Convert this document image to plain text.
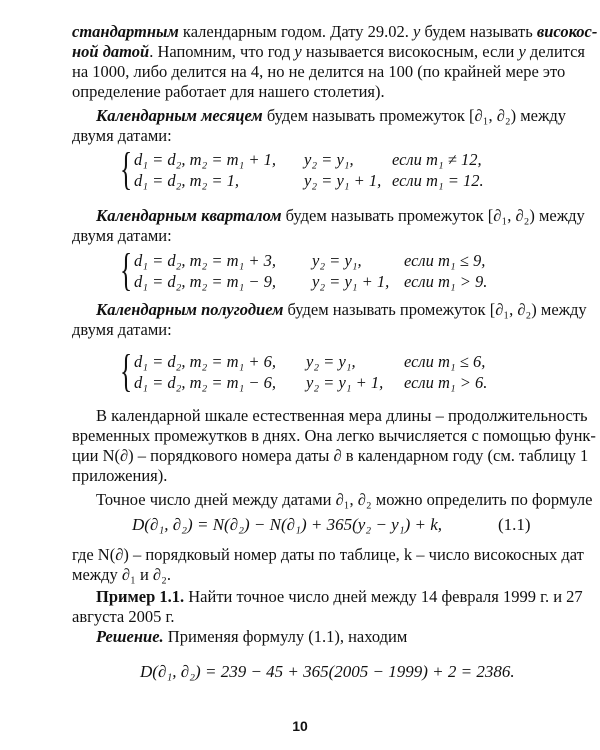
стандартным календарным годом. Дату 29.02. y будем называть високос-
ной датой. Напомним, что год y называется високосным, если y делится
на 1000, либо делится на 4, но не делится на 100 (по крайней мере это
определение работает для нашего столетия).
Календарным месяцем будем называть промежуток [∂₁, ∂₂) между
двумя датами:
{ d₁ = d₂, m₂ = m₁ + 1, y₂ = y₁, если m₁ ≠ 12,
d₁ = d₂, m₂ = 1,	y₂ = y₁ + 1, если m₁ = 12.
Календарным кварталом будем называть промежуток [∂₁, ∂₂) между
двумя датами:
{ d₁ = d₂, m₂ = m₁ + 3, y₂ = y₁,	если m₁ ≤ 9,
d₁ = d₂, m₂ = m₁ − 9, y₂ = y₁ + 1, если m₁ > 9.
Календарным полугодием будем называть промежуток [∂₁, ∂₂) между
двумя датами:
{ d₁ = d₂, m₂ = m₁ + 6, y₂ = y₁,	если m₁ ≤ 6,
d₁ = d₂, m₂ = m₁ − 6, y₂ = y₁ + 1, если m₁ > 6.
В календарной шкале естественная мера длины – продолжительность
временных промежутков в днях. Она легко вычисляется с помощью функ-
ции N(∂) – порядкового номера даты ∂ в календарном году (см. таблицу 1
приложения).
Точное число дней между датами ∂₁, ∂₂ можно определить по формуле
D(∂₁, ∂₂) = N(∂₂) − N(∂₁) + 365(y₂ − y₁) + k,	(1.1)
где N(∂) – порядковый номер даты по таблице, k – число високосных дат
между ∂₁ и ∂₂.
Пример 1.1. Найти точное число дней между 14 февраля 1999 г. и 27
августа 2005 г.
Решение. Применяя формулу (1.1), находим
D(∂₁, ∂₂) = 239 − 45 + 365(2005 − 1999) + 2 = 2386.
10
